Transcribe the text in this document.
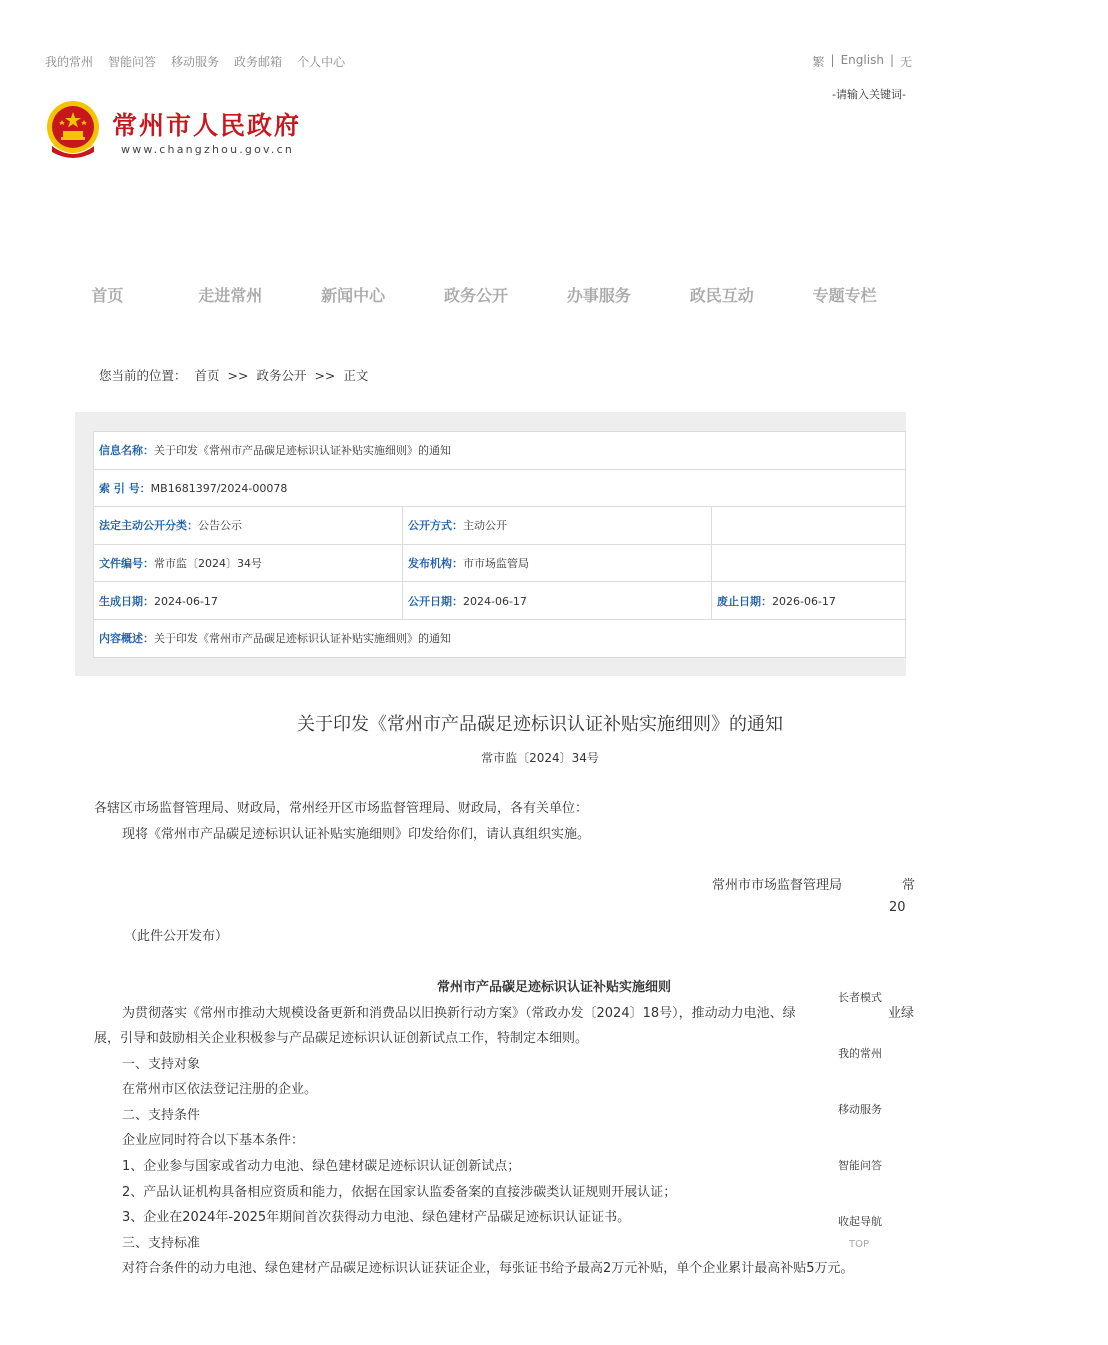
我的常州 智能问答 移动服务 政务邮箱 个人中心	繁 | English | 无
-请输入关键词-
常州市人民政府
www.changzhou.gov.cn
首页	走进常州	新闻中心	政务公开	办事服务	政民互动	专题专栏
您当前的位置： 首页 >> 政务公开 >> 正文
信息名称：关于印发《常州市产品碳足迹标识认证补贴实施细则》的通知		
索 引 号：MB1681397/2024-00078		
法定主动公开分类：公告公示	公开方式：主动公开	
文件编号：常市监〔2024〕34号	发布机构：市市场监管局	
生成日期：2024-06-17	公开日期：2024-06-17	废止日期：2026-06-17
内容概述：关于印发《常州市产品碳足迹标识认证补贴实施细则》的通知		
关于印发《常州市产品碳足迹标识认证补贴实施细则》的通知
常市监〔2024〕34号
各辖区市场监督管理局、财政局，常州经开区市场监督管理局、财政局，各有关单位：
现将《常州市产品碳足迹标识认证补贴实施细则》印发给你们，请认真组织实施。
常州市市场监督管理局	常
20
（此件公开发布）
常州市产品碳足迹标识认证补贴实施细则
为贯彻落实《常州市推动大规模设备更新和消费品以旧换新行动方案》（常政办发〔2024〕18号），推动动力电池、绿	业绿
展，引导和鼓励相关企业积极参与产品碳足迹标识认证创新试点工作，特制定本细则。
一、支持对象
在常州市区依法登记注册的企业。
二、支持条件
企业应同时符合以下基本条件：
1、企业参与国家或省动力电池、绿色建材碳足迹标识认证创新试点；
2、产品认证机构具备相应资质和能力，依据在国家认监委备案的直接涉碳类认证规则开展认证；
3、企业在2024年-2025年期间首次获得动力电池、绿色建材产品碳足迹标识认证证书。
三、支持标准
对符合条件的动力电池、绿色建材产品碳足迹标识认证获证企业，每张证书给予最高2万元补贴，单个企业累计最高补贴5万元。
长者模式
我的常州
移动服务
智能问答
收起导航
TOP
